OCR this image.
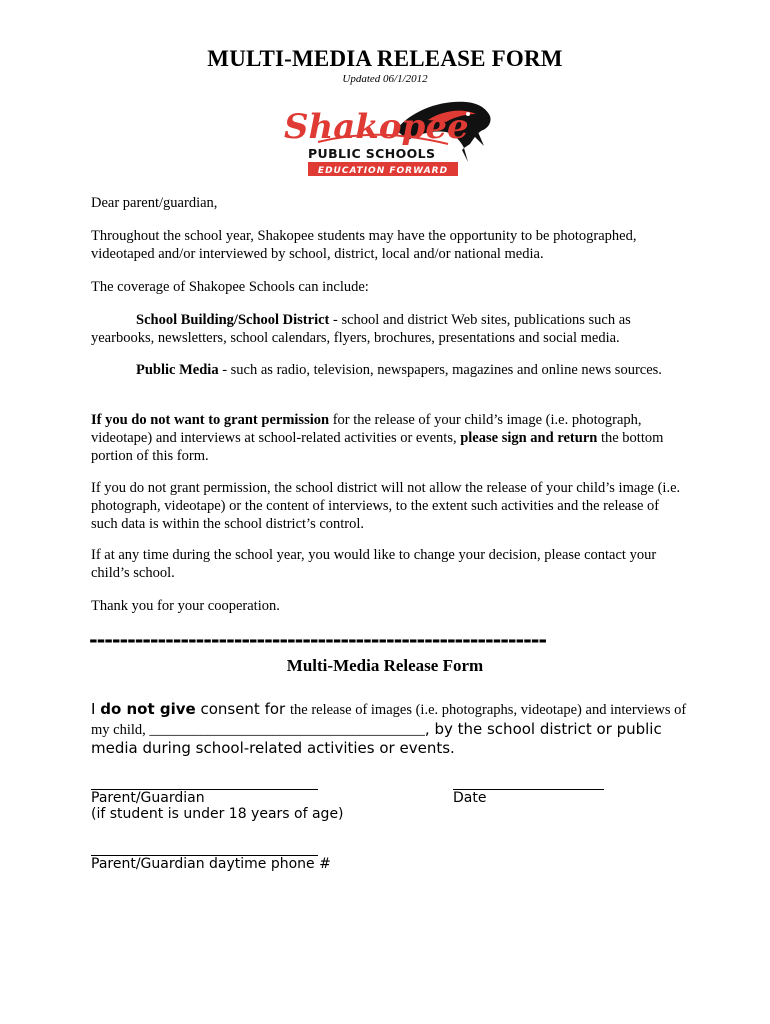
MULTI-MEDIA RELEASE FORM
Updated 06/1/2012
Shakopee
PUBLIC SCHOOLS
EDUCATION FORWARD

Dear parent/guardian,

Throughout the school year, Shakopee students may have the opportunity to be photographed, videotaped and/or interviewed by school, district, local and/or national media.

The coverage of Shakopee Schools can include:

School Building/School District - school and district Web sites, publications such as yearbooks, newsletters, school calendars, flyers, brochures, presentations and social media.

Public Media - such as radio, television, newspapers, magazines and online news sources.

If you do not want to grant permission for the release of your child’s image (i.e. photograph, videotape) and interviews at school-related activities or events, please sign and return the bottom portion of this form.

If you do not grant permission, the school district will not allow the release of your child’s image (i.e. photograph, videotape) or the content of interviews, to the extent such activities and the release of such data is within the school district’s control.

If at any time during the school year, you would like to change your decision, please contact your child’s school.

Thank you for your cooperation.

------------------------------------------------------------
Multi-Media Release Form
I do not give consent for the release of images (i.e. photographs, videotape) and interviews of my child, ______________________________________, by the school district or public media during school-related activities or events.
Parent/Guardian
(if student is under 18 years of age)
Date
Parent/Guardian daytime phone #
